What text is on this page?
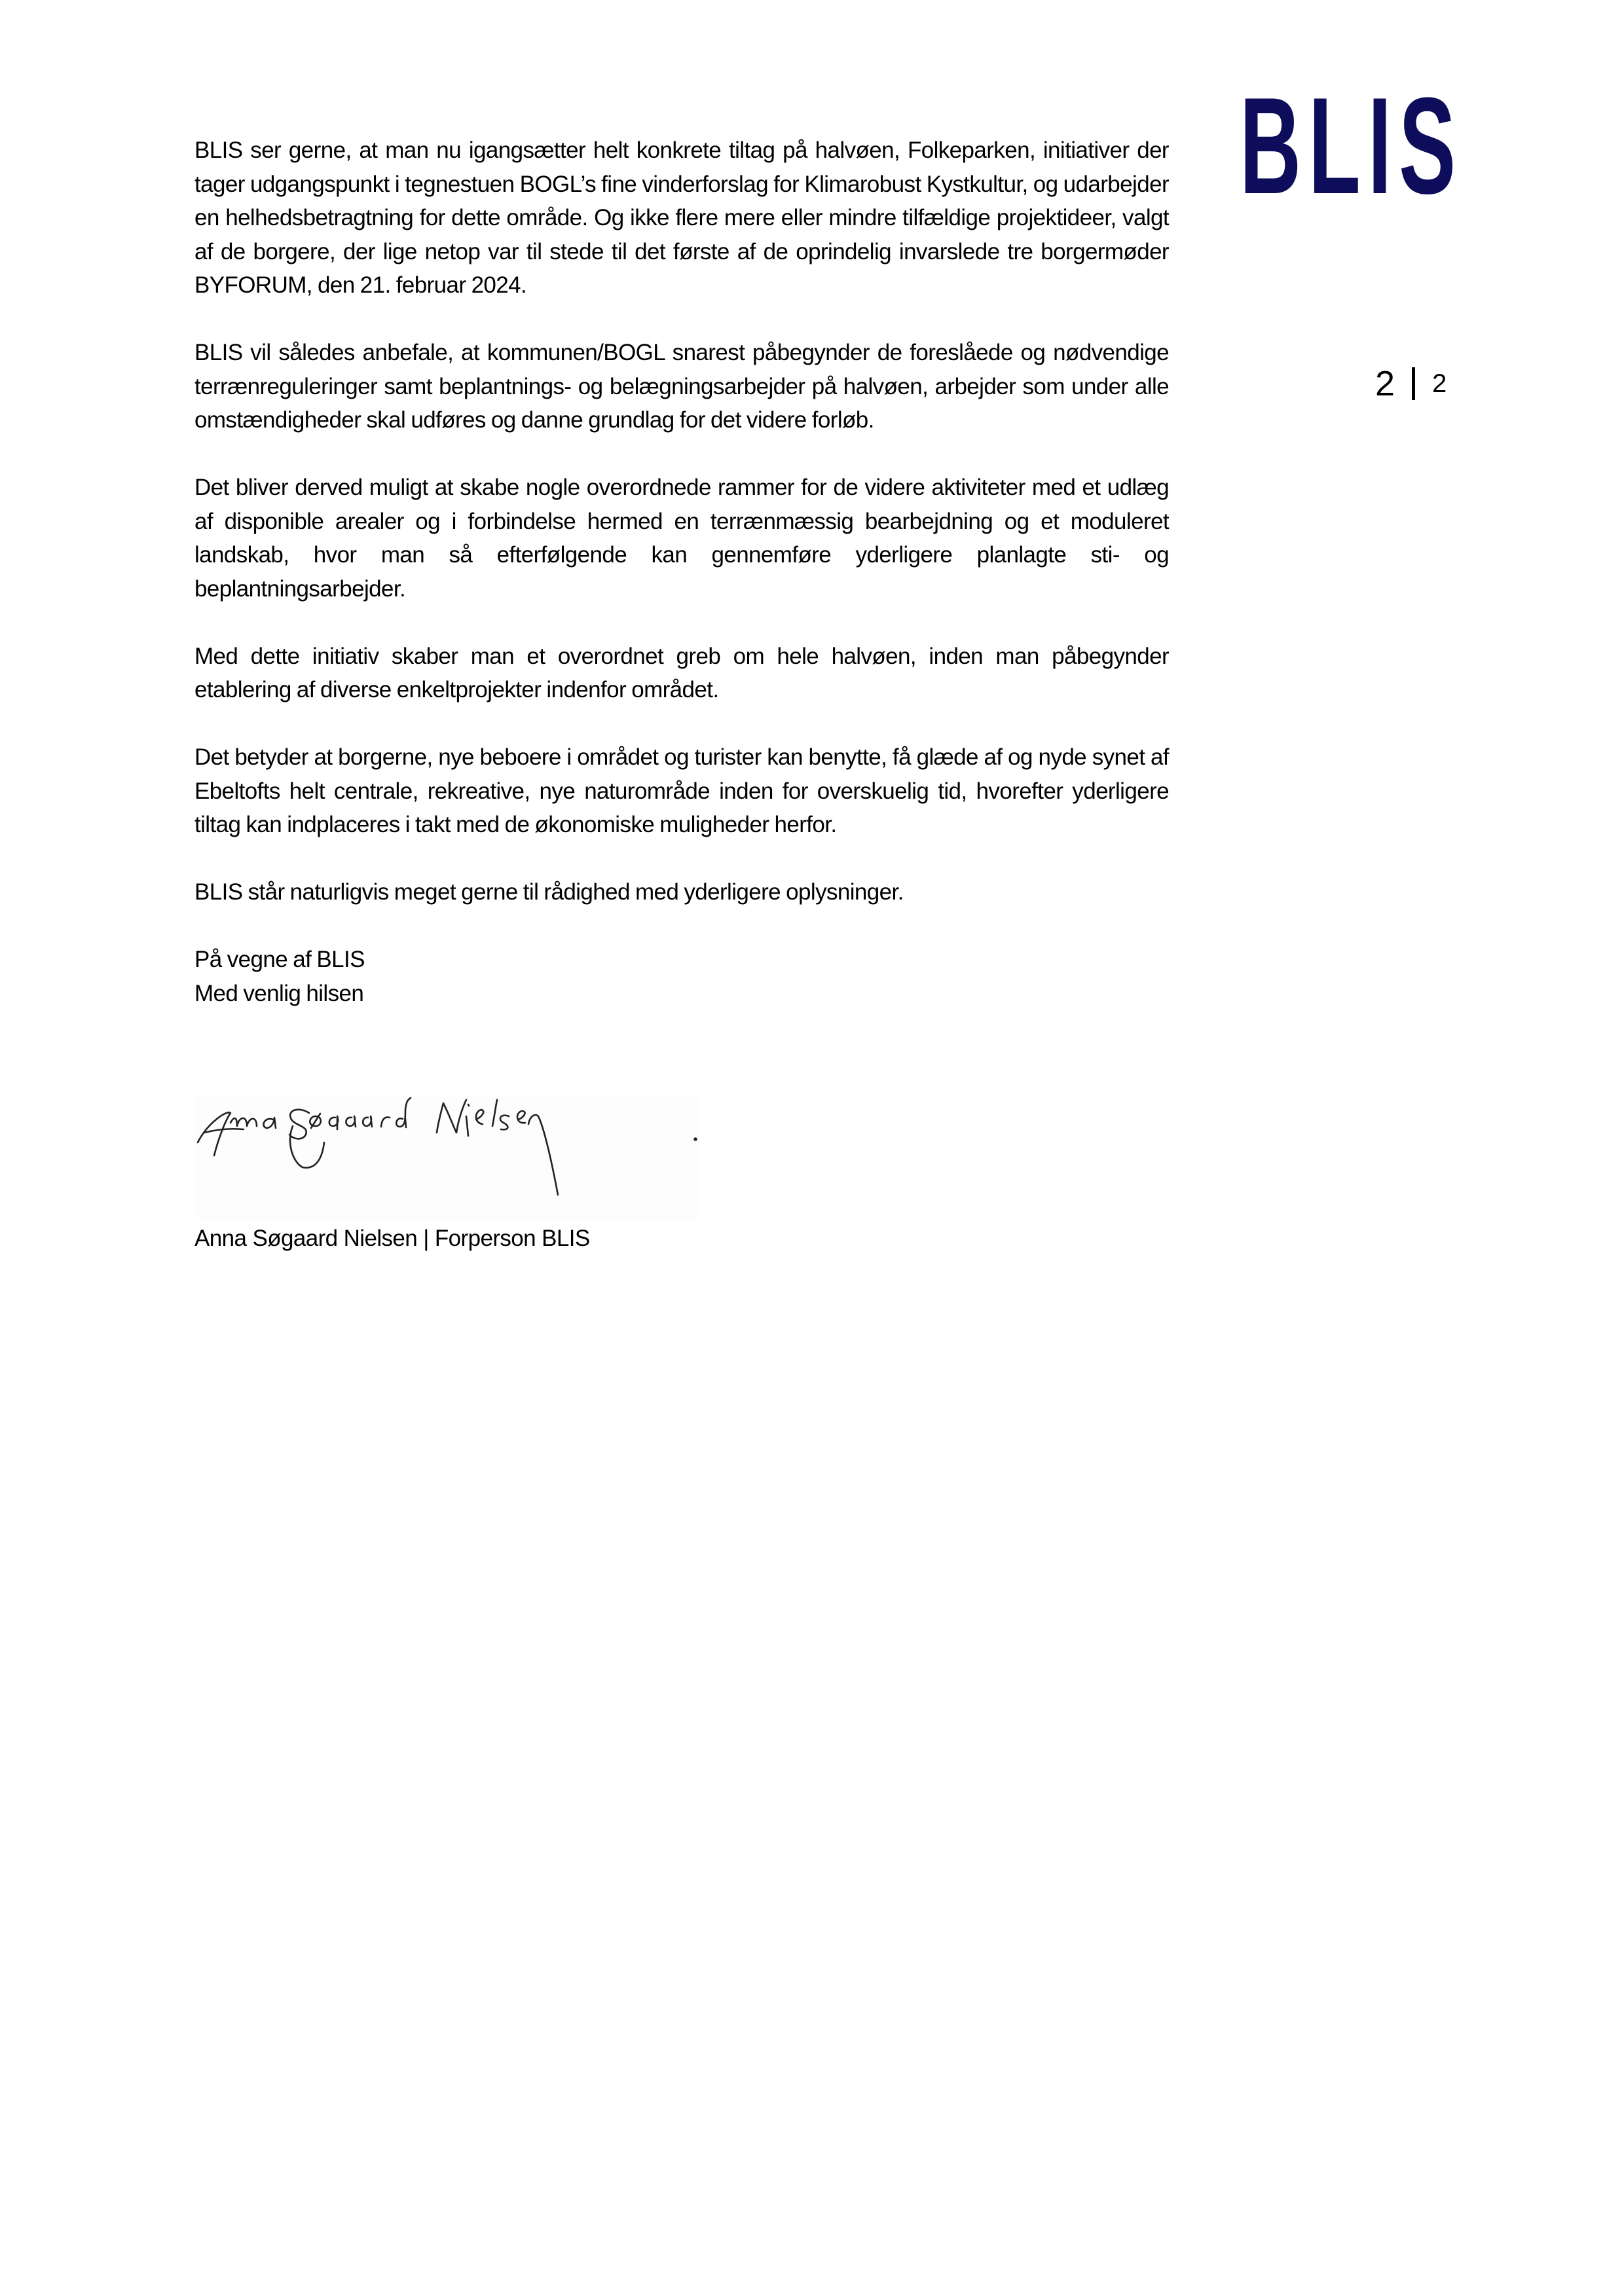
BLIS
2 2

BLIS ser gerne, at man nu igangsætter helt konkrete tiltag på halvøen, Folkeparken, initiativer der tager udgangspunkt i tegnestuen BOGL’s fine vinderforslag for Klimarobust Kystkultur, og udarbejder en helhedsbetragtning for dette område. Og ikke flere mere eller mindre tilfældige projektideer, valgt af de borgere, der lige netop var til stede til det første af de oprindelig invarslede tre borgermøder BYFORUM, den 21. februar 2024.

BLIS vil således anbefale, at kommunen/BOGL snarest påbegynder de foreslåede og nødvendige terrænreguleringer samt beplantnings- og belægningsarbejder på halvøen, arbejder som under alle omstændigheder skal udføres og danne grundlag for det videre forløb.

Det bliver derved muligt at skabe nogle overordnede rammer for de videre aktiviteter med et udlæg af disponible arealer og i forbindelse hermed en terrænmæssig bearbejdning og et moduleret landskab, hvor man så efterfølgende kan gennemføre yderligere planlagte sti- og beplantningsarbejder.

Med dette initiativ skaber man et overordnet greb om hele halvøen, inden man påbegynder etablering af diverse enkeltprojekter indenfor området.

Det betyder at borgerne, nye beboere i området og turister kan benytte, få glæde af og nyde synet af Ebeltofts helt centrale, rekreative, nye naturområde inden for overskuelig tid, hvorefter yderligere tiltag kan indplaceres i takt med de økonomiske muligheder herfor.

BLIS står naturligvis meget gerne til rådighed med yderligere oplysninger.

På vegne af BLIS
Med venlig hilsen

Anna Søgaard Nielsen | Forperson BLIS
